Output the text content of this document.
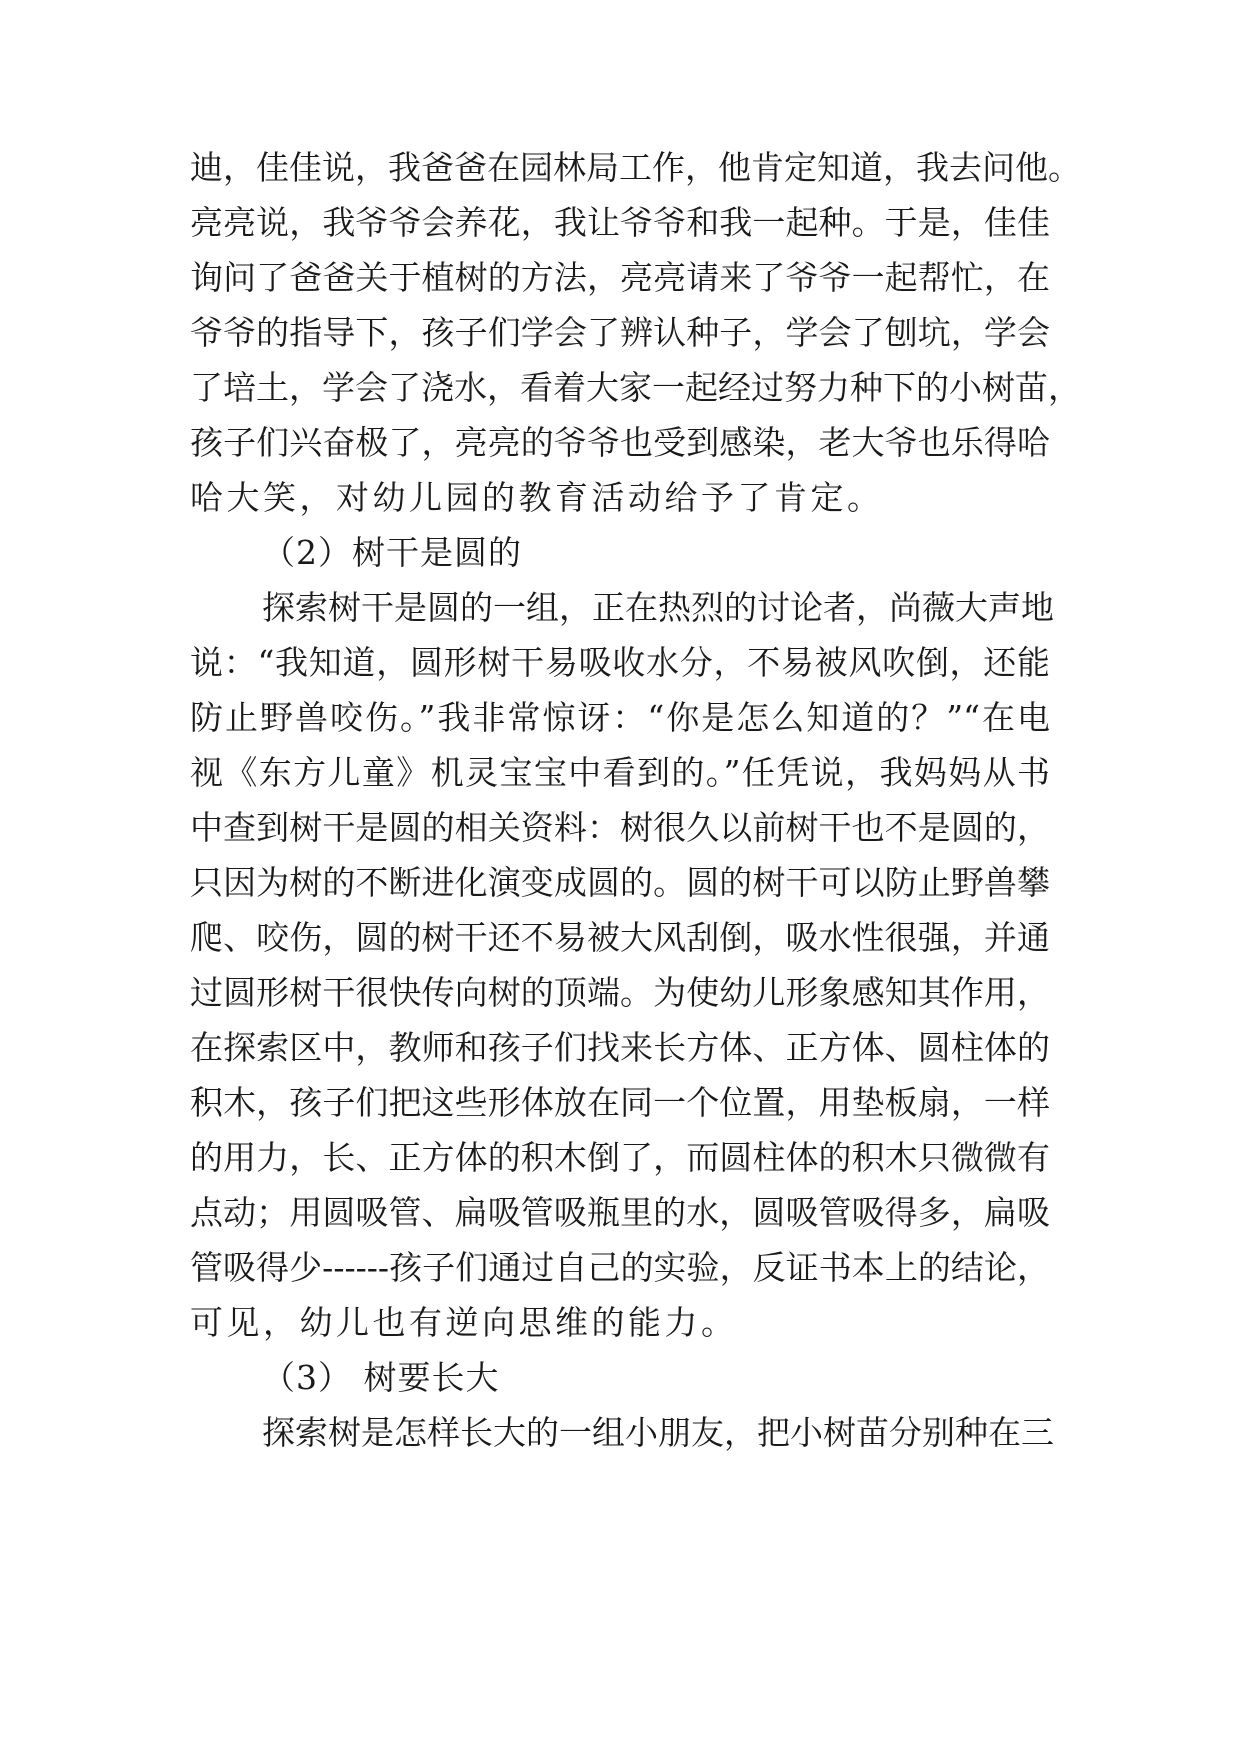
迪，佳佳说，我爸爸在园林局工作，他肯定知道，我去问他。

亮亮说，我爷爷会养花，我让爷爷和我一起种。于是，佳佳

询问了爸爸关于植树的方法，亮亮请来了爷爷一起帮忙，在

爷爷的指导下，孩子们学会了辨认种子，学会了刨坑，学会

了培土，学会了浇水，看着大家一起经过努力种下的小树苗，

孩子们兴奋极了，亮亮的爷爷也受到感染，老大爷也乐得哈

哈大笑，对幼儿园的教育活动给予了肯定。

（2）树干是圆的

探索树干是圆的一组，正在热烈的讨论者，尚薇大声地

说：“我知道，圆形树干易吸收水分，不易被风吹倒，还能

防止野兽咬伤。”我非常惊讶：“你是怎么知道的？”“在电

视《东方儿童》机灵宝宝中看到的。”任凭说，我妈妈从书

中查到树干是圆的相关资料：树很久以前树干也不是圆的，

只因为树的不断进化演变成圆的。圆的树干可以防止野兽攀

爬、咬伤，圆的树干还不易被大风刮倒，吸水性很强，并通

过圆形树干很快传向树的顶端。为使幼儿形象感知其作用，

在探索区中，教师和孩子们找来长方体、正方体、圆柱体的

积木，孩子们把这些形体放在同一个位置，用垫板扇，一样

的用力，长、正方体的积木倒了，而圆柱体的积木只微微有

点动；用圆吸管、扁吸管吸瓶里的水，圆吸管吸得多，扁吸

管吸得少------孩子们通过自己的实验，反证书本上的结论，

可见，幼儿也有逆向思维的能力。

（3） 树要长大

探索树是怎样长大的一组小朋友，把小树苗分别种在三
